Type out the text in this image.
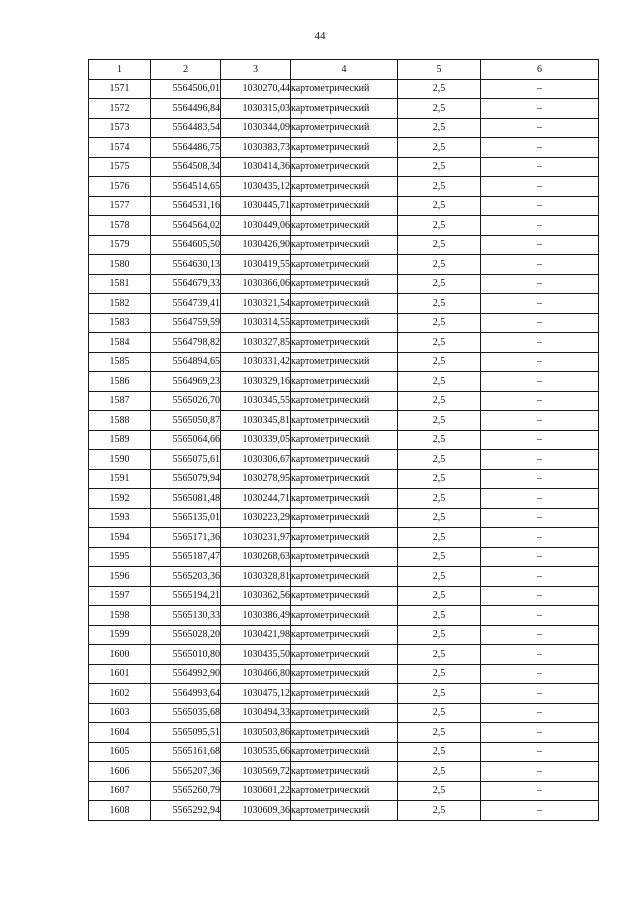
44
1	2	3	4	5	6
1571	5564506,01	1030270,44	картометрический	2,5	–
1572	5564496,84	1030315,03	картометрический	2,5	–
1573	5564483,54	1030344,09	картометрический	2,5	–
1574	5564486,75	1030383,73	картометрический	2,5	–
1575	5564508,34	1030414,36	картометрический	2,5	–
1576	5564514,65	1030435,12	картометрический	2,5	–
1577	5564531,16	1030445,71	картометрический	2,5	–
1578	5564564,02	1030449,06	картометрический	2,5	–
1579	5564605,50	1030426,90	картометрический	2,5	–
1580	5564630,13	1030419,55	картометрический	2,5	–
1581	5564679,33	1030366,06	картометрический	2,5	–
1582	5564739,41	1030321,54	картометрический	2,5	–
1583	5564759,59	1030314,55	картометрический	2,5	–
1584	5564798,82	1030327,85	картометрический	2,5	–
1585	5564894,65	1030331,42	картометрический	2,5	–
1586	5564969,23	1030329,16	картометрический	2,5	–
1587	5565026,70	1030345,55	картометрический	2,5	–
1588	5565050,87	1030345,81	картометрический	2,5	–
1589	5565064,66	1030339,05	картометрический	2,5	–
1590	5565075,61	1030306,67	картометрический	2,5	–
1591	5565079,94	1030278,95	картометрический	2,5	–
1592	5565081,48	1030244,71	картометрический	2,5	–
1593	5565135,01	1030223,29	картометрический	2,5	–
1594	5565171,36	1030231,97	картометрический	2,5	–
1595	5565187,47	1030268,63	картометрический	2,5	–
1596	5565203,36	1030328,81	картометрический	2,5	–
1597	5565194,21	1030362,56	картометрический	2,5	–
1598	5565130,33	1030386,49	картометрический	2,5	–
1599	5565028,20	1030421,98	картометрический	2,5	–
1600	5565010,80	1030435,50	картометрический	2,5	–
1601	5564992,90	1030466,80	картометрический	2,5	–
1602	5564993,64	1030475,12	картометрический	2,5	–
1603	5565035,68	1030494,33	картометрический	2,5	–
1604	5565095,51	1030503,86	картометрический	2,5	–
1605	5565161,68	1030535,66	картометрический	2,5	–
1606	5565207,36	1030569,72	картометрический	2,5	–
1607	5565260,79	1030601,22	картометрический	2,5	–
1608	5565292,94	1030609,36	картометрический	2,5	–
